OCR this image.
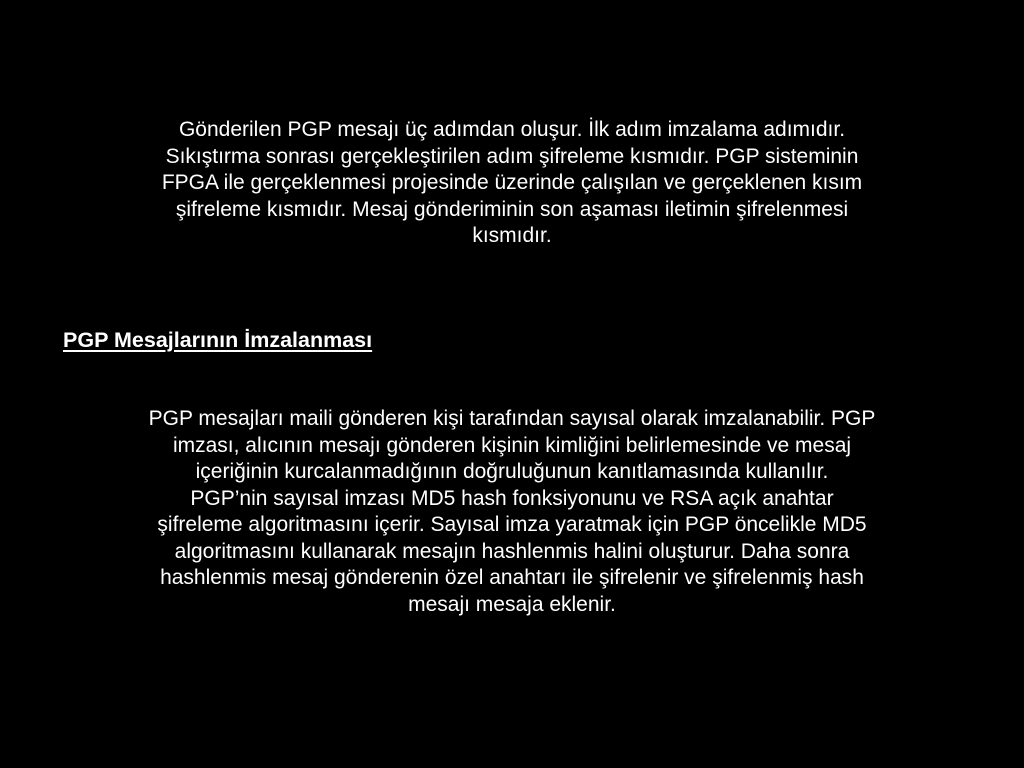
Gönderilen PGP mesajı üç adımdan oluşur. İlk adım imzalama adımıdır.
Sıkıştırma sonrası gerçekleştirilen adım şifreleme kısmıdır. PGP sisteminin
FPGA ile gerçeklenmesi projesinde üzerinde çalışılan ve gerçeklenen kısım
şifreleme kısmıdır. Mesaj gönderiminin son aşaması iletimin şifrelenmesi
kısmıdır.

PGP Mesajlarının İmzalanması

PGP mesajları maili gönderen kişi tarafından sayısal olarak imzalanabilir. PGP
imzası, alıcının mesajı gönderen kişinin kimliğini belirlemesinde ve mesaj
içeriğinin kurcalanmadığının doğruluğunun kanıtlamasında kullanılır.
PGP’nin sayısal imzası MD5 hash fonksiyonunu ve RSA açık anahtar
şifreleme algoritmasını içerir. Sayısal imza yaratmak için PGP öncelikle MD5
algoritmasını kullanarak mesajın hashlenmis halini oluşturur. Daha sonra
hashlenmis mesaj gönderenin özel anahtarı ile şifrelenir ve şifrelenmiş hash
mesajı mesaja eklenir.
